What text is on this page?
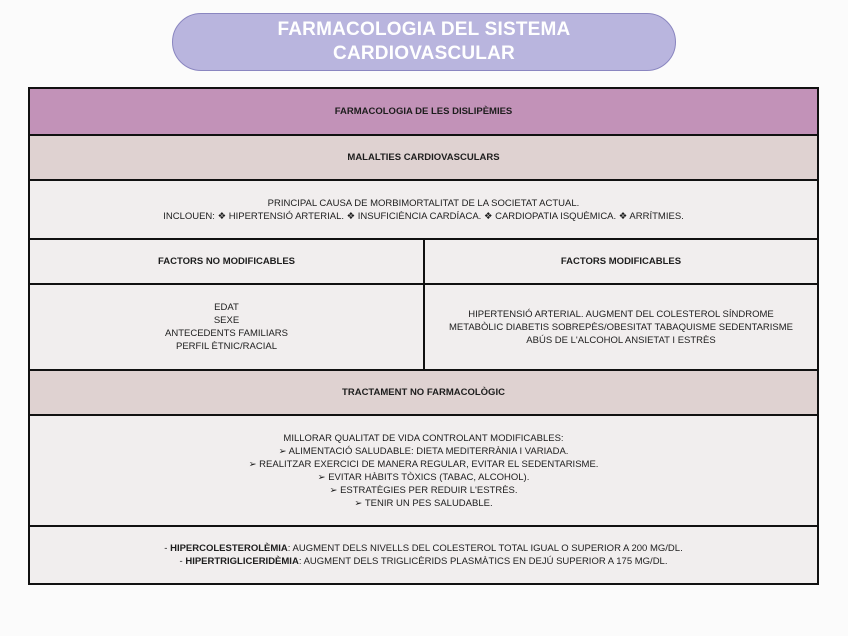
FARMACOLOGIA DEL SISTEMA
CARDIOVASCULAR
FARMACOLOGIA DE LES DISLIPÈMIES
MALALTIES CARDIOVASCULARS
PRINCIPAL CAUSA DE MORBIMORTALITAT DE LA SOCIETAT ACTUAL.
INCLOUEN: ❖ HIPERTENSIÓ ARTERIAL. ❖ INSUFICIÈNCIA CARDÍACA. ❖ CARDIOPATIA ISQUÈMICA. ❖ ARRÍTMIES.
FACTORS NO MODIFICABLES	FACTORS MODIFICABLES
EDAT
SEXE
ANTECEDENTS FAMILIARS
PERFIL ÈTNIC/RACIAL
HIPERTENSIÓ ARTERIAL. AUGMENT DEL COLESTEROL SÍNDROME
METABÒLIC DIABETIS SOBREPÈS/OBESITAT TABAQUISME SEDENTARISME
ABÚS DE L'ALCOHOL ANSIETAT I ESTRÈS
TRACTAMENT NO FARMACOLÒGIC
MILLORAR QUALITAT DE VIDA CONTROLANT MODIFICABLES:
➢ ALIMENTACIÓ SALUDABLE: DIETA MEDITERRÀNIA I VARIADA.
➢ REALITZAR EXERCICI DE MANERA REGULAR, EVITAR EL SEDENTARISME.
➢ EVITAR HÀBITS TÒXICS (TABAC, ALCOHOL).
➢ ESTRATÈGIES PER REDUIR L'ESTRÈS.
➢ TENIR UN PES SALUDABLE.
- HIPERCOLESTEROLÈMIA: AUGMENT DELS NIVELLS DEL COLESTEROL TOTAL IGUAL O SUPERIOR A 200 MG/DL.
- HIPERTRIGLICERIDÈMIA: AUGMENT DELS TRIGLICÈRIDS PLASMÀTICS EN DEJÚ SUPERIOR A 175 MG/DL.
